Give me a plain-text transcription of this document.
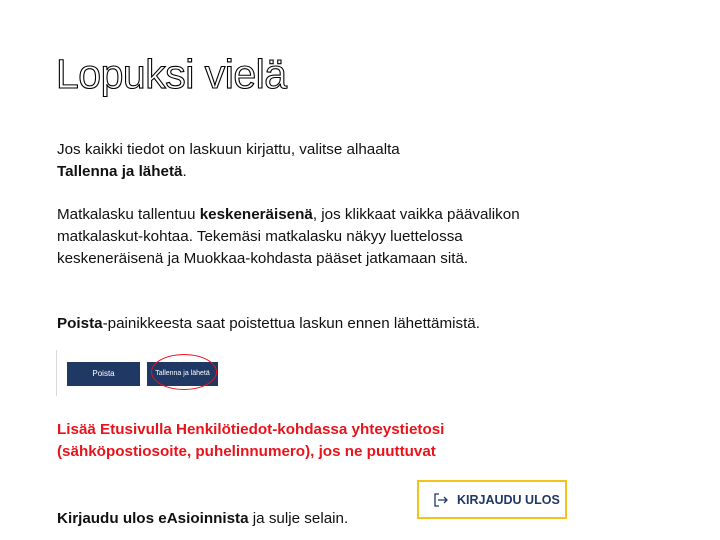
Lopuksi vielä

Jos kaikki tiedot on laskuun kirjattu, valitse alhaalta
Tallenna ja lähetä.

Matkalasku tallentuu keskeneräisenä, jos klikkaat vaikka päävalikon matkalaskut-kohtaa. Tekemäsi matkalasku näkyy luettelossa keskeneräisenä ja Muokkaa-kohdasta pääset jatkamaan sitä.

Poista-painikkeesta saat poistettua laskun ennen lähettämistä.

Poista	Tallenna ja lähetä

Lisää Etusivulla Henkilötiedot-kohdassa yhteystietosi
(sähköpostiosoite, puhelinnumero), jos ne puuttuvat

Kirjaudu ulos eAsioinnista ja sulje selain.

KIRJAUDU ULOS
